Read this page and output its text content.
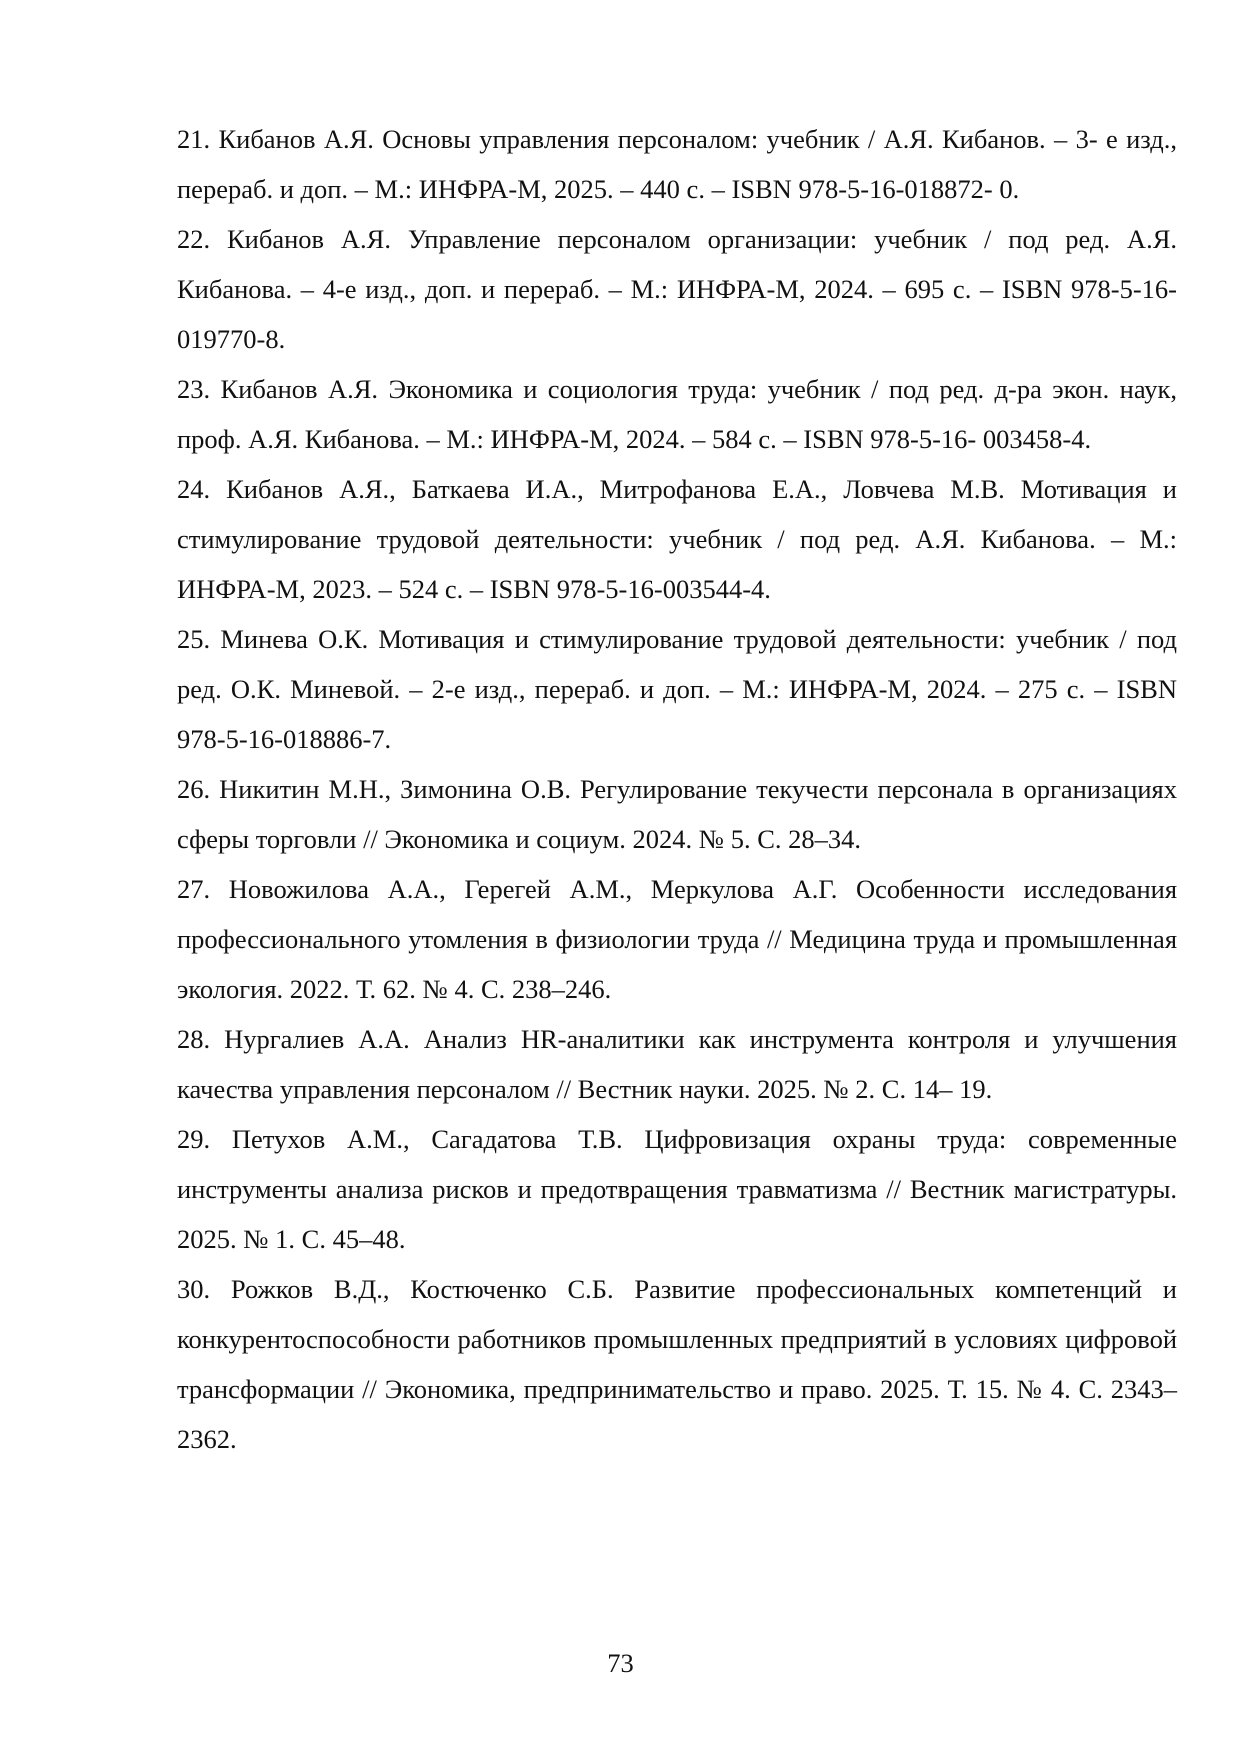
21. Кибанов А.Я. Основы управления персоналом: учебник / А.Я. Кибанов. – 3- е изд., перераб. и доп. – М.: ИНФРА-М, 2025. – 440 с. – ISBN 978-5-16-018872- 0.

22. Кибанов А.Я. Управление персоналом организации: учебник / под ред. А.Я. Кибанова. – 4-е изд., доп. и перераб. – М.: ИНФРА-М, 2024. – 695 с. – ISBN 978-5-16-019770-8.

23. Кибанов А.Я. Экономика и социология труда: учебник / под ред. д-ра экон. наук, проф. А.Я. Кибанова. – М.: ИНФРА-М, 2024. – 584 с. – ISBN 978-5-16- 003458-4.

24. Кибанов А.Я., Баткаева И.А., Митрофанова Е.А., Ловчева М.В. Мотивация и стимулирование трудовой деятельности: учебник / под ред. А.Я. Кибанова. – М.: ИНФРА-М, 2023. – 524 с. – ISBN 978-5-16-003544-4.

25. Минева О.К. Мотивация и стимулирование трудовой деятельности: учебник / под ред. О.К. Миневой. – 2-е изд., перераб. и доп. – М.: ИНФРА-М, 2024. – 275 с. – ISBN 978-5-16-018886-7.

26. Никитин М.Н., Зимонина О.В. Регулирование текучести персонала в организациях сферы торговли // Экономика и социум. 2024. № 5. С. 28–34.

27. Новожилова А.А., Герегей А.М., Меркулова А.Г. Особенности исследования профессионального утомления в физиологии труда // Медицина труда и промышленная экология. 2022. Т. 62. № 4. С. 238–246.

28. Нургалиев А.А. Анализ HR-аналитики как инструмента контроля и улучшения качества управления персоналом // Вестник науки. 2025. № 2. С. 14– 19.

29. Петухов А.М., Сагадатова Т.В. Цифровизация охраны труда: современные инструменты анализа рисков и предотвращения травматизма // Вестник магистратуры. 2025. № 1. С. 45–48.

30. Рожков В.Д., Костюченко С.Б. Развитие профессиональных компетенций и конкурентоспособности работников промышленных предприятий в условиях цифровой трансформации // Экономика, предпринимательство и право. 2025. Т. 15. № 4. С. 2343–2362.

73
